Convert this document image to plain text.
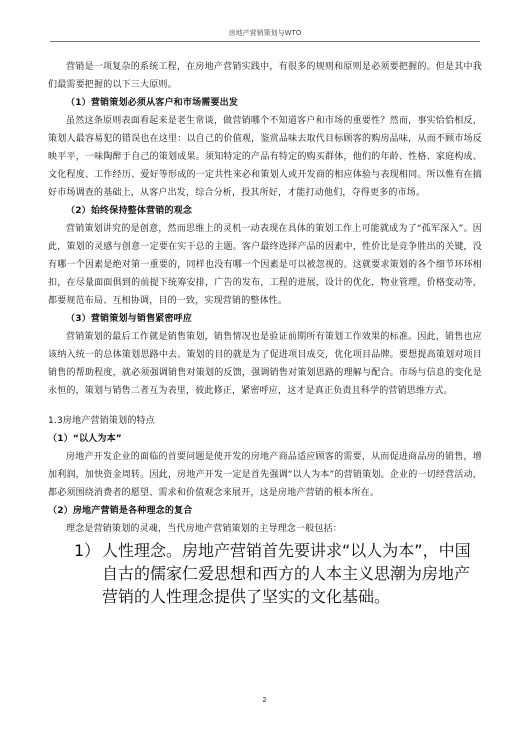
房地产营销策划与WTO

营销是一项复杂的系统工程，在房地产营销实践中，有很多的规则和原则是必须要把握的。但是其中我们最需要把握的以下三大原则。

（1）营销策划必须从客户和市场需要出发

虽然这条原则表面看起来是老生常谈，做营销哪个不知道客户和市场的重要性？然而，事实恰恰相反，策划人最容易犯的错误也在这里：以自己的价值观，鉴赏品味去取代目标顾客的购房品味，从而不顾市场反映平平，一味陶醉于自己的策划成果。须知特定的产品有特定的购买群体，他们的年龄、性格、家庭构成、文化程度、工作经历、爱好等形成的一定共性来必和策划人或开发商的相应体验与表现相同。所以惟有在搞好市场调查的基础上，从客户出发，综合分析，投其所好，才能打动他们，夺得更多的市场。

（2）始终保持整体营销的观念

营销策划讲究的是创意，然而思维上的灵机一动表现在具体的策划工作上可能就成为了“孤军深入”。因此，策划的灵感与创意一定要在实干总的主题。客户最终选择产品的因素中，性价比是竞争胜出的关键，没有哪一个因素是绝对第一重要的，同样也没有哪一个因素是可以被忽视的。这就要求策划的各个细节环环相扣，在尽量面面俱到的前提下统筹安排，广告的发布，工程的进展，设计的优化，物业管理，价格变动等，都要规范布局、互相协调，目的一致，实现营销的整体性。

（3）营销策划与销售紧密呼应

营销策划的最后工作就是销售策划，销售情况也是验证前期所有策划工作效果的标准。因此，销售也应该纳入统一的总体策划思路中去。策划的目的就是为了促进项目成交，优化项目品牌。要想提高策划对项目销售的帮助程度，就必须强调销售对策划的反馈，强调销售对策划思路的理解与配合。市场与信息的变化是永恒的，策划与销售二者互为表里，彼此修正，紧密呼应，这才是真正负责且科学的营销思维方式。

1.3房地产营销策划的特点

（1）“以人为本”

房地产开发企业的面临的首要问题是使开发的房地产商品适应顾客的需要，从而促进商品房的销售，增加利润，加快资金周转。因此，房地产开发一定是首先强调“以人为本”的营销策划。企业的一切经营活动，都必须围绕消费者的愿望、需求和价值观念来展开，这是房地产营销的根本所在。

（2）房地产营销是各种理念的复合

理念是营销策划的灵魂，当代房地产营销策划的主导理念一般包括：

1） 人性理念。房地产营销首先要讲求“以人为本”，中国自古的儒家仁爱思想和西方的人本主义思潮为房地产营销的人性理念提供了坚实的文化基础。
2
